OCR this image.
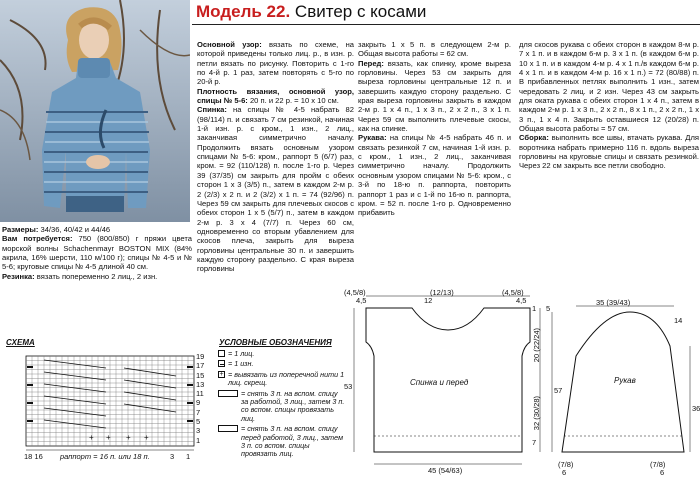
Модель 22. Свитер с косами
Размеры: 34/36, 40/42 и 44/46
Вам потребуется: 750 (800/850) г пряжи цвета морской волны Schachenmayr BOSTON MIX (84% акрила, 16% шерсти, 110 м/100 г); спицы № 4-5 и № 5-6; круговые спицы № 4-5 длиной 40 см.
Резинка: вязать попеременно 2 лиц., 2 изн.
Основной узор: вязать по схеме, на которой приведены только лиц. р., в изн. р. петли вязать по рисунку. Повторить с 1-го по 4-й р. 1 раз, затем повторять с 5-го по 20-й р.
Плотность вязания, основной узор, спицы № 5-6: 20 п. и 22 р. = 10 х 10 см.
Спинка: на спицы № 4-5 набрать 82 (98/114) п. и связать 7 см резинкой, начиная 1-й изн. р. с кром., 1 изн., 2 лиц., заканчивая симметрично началу. Продолжить вязать основным узором спицами № 5-6: кром., раппорт 5 (6/7) раз, кром. = 92 (110/128) п. после 1-го р. Через 39 (37/35) см закрыть для пройм с обеих сторон 1 х 3 (3/5) п., затем в каждом 2-м р. 2 (2/3) х 2 п. и 2 (3/2) х 1 п. = 74 (92/96) п. Через 59 см закрыть для плечевых скосов с обеих сторон 1 х 5 (5/7) п., затем в каждом 2-м р. 3 х 4 (7/7) п. Через 60 см, одновременно со вторым убавлением для скосов плеча, закрыть для выреза горловины центральные 30 п. и завершить каждую сторону раздельно. С края выреза горловины
закрыть 1 х 5 п. в следующем 2-м р. Общая высота работы = 62 см.
Перед: вязать, как спинку, кроме выреза горловины. Через 53 см закрыть для выреза горловины центральные 12 п. и завершить каждую сторону раздельно. С края выреза горловины закрыть в каждом 2-м р. 1 х 4 п., 1 х 3 п., 2 х 2 п., 3 х 1 п. Через 59 см выполнить плечевые скосы, как на спинке.
Рукава: на спицы № 4-5 набрать 46 п. и связать резинкой 7 см, начиная 1-й изн. р. с кром., 1 изн., 2 лиц., заканчивая симметрично началу. Продолжить основным узором спицами № 5-6: кром., с 3-й по 18-ю п. раппорта, повторить раппорт 1 раз и с 1-й по 16-ю п. раппорта, кром. = 52 п. после 1-го р. Одновременно прибавить
для скосов рукава с обеих сторон в каждом 8-м р. 7 х 1 п. и в каждом 6-м р. 3 х 1 п. (в каждом 6-м р. 10 х 1 п. и в каждом 4-м р. 4 х 1 п./в каждом 6-м р. 4 х 1 п. и в каждом 4-м р. 16 х 1 п.) = 72 (80/88) п. В прибавленных петлях выполнить 1 изн., затем чередовать 2 лиц. и 2 изн. Через 43 см закрыть для оката рукава с обеих сторон 1 х 4 п., затем в каждом 2-м р. 1 х 3 п., 2 х 2 п., 8 х 1 п., 2 х 2 п., 1 х 3 п., 1 х 4 п. Закрыть оставшиеся 12 (20/28) п. Общая высота работы = 57 см.
Сборка: выполнить все швы, втачать рукава. Для воротника набрать примерно 116 п. вдоль выреза горловины на круговые спицы и связать резинкой. Через 22 см закрыть все петли свободно.
СХЕМА	УСЛОВНЫЕ ОБОЗНАЧЕНИЯ
+ + + +
19
17
15
13
11
9
7
5
3
1
18 16 раппорт = 16 п. или 18 п.	3 1
= 1 лиц.
= 1 изн.
+ = вывязать из поперечной нити 1 лиц. скрещ.
= снять 3 п. на вспом. спицу за работой, 3 лиц., затем 3 п. со вспом. спицы провязать лиц.
= снять 3 п. на вспом. спицу перед работой, 3 лиц., затем 3 п. со вспом. спицы провязать лиц.
(4,5/8)
4,5
(12/13)
12
(4,5/8)
4,5
1
53
20 (22/24)
32 (30/28)
7
5
Спинка и перед
45 (54/63)
35 (39/43)
14
57
36
Рукав
(7/8)	(7/8)
6	6
